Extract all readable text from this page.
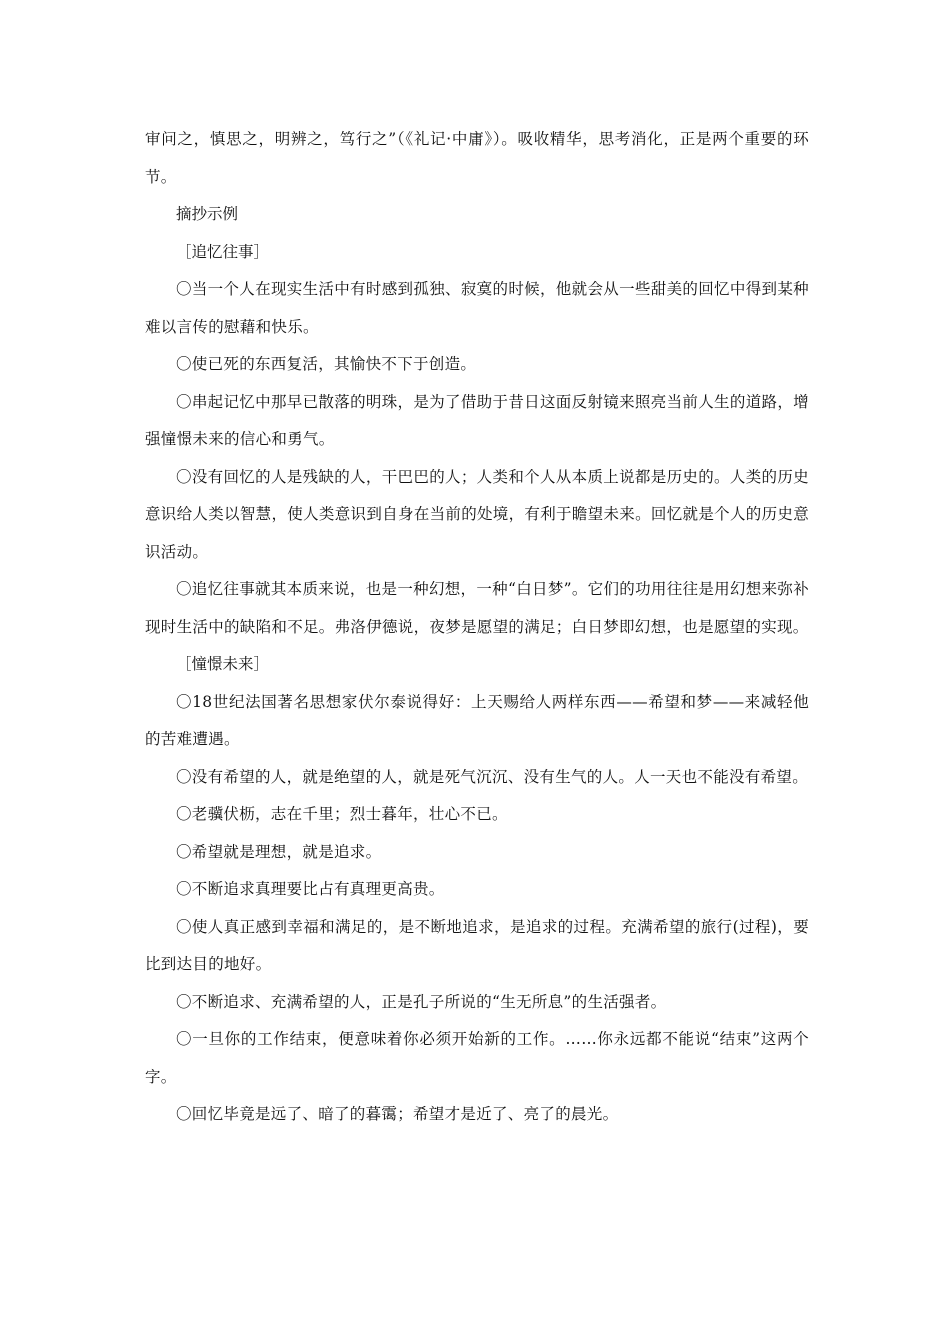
审问之，慎思之，明辨之，笃行之”（《礼记·中庸》）。吸收精华，思考消化，正是两个重要的环节。

摘抄示例

［追忆往事］

〇当一个人在现实生活中有时感到孤独、寂寞的时候，他就会从一些甜美的回忆中得到某种难以言传的慰藉和快乐。

〇使已死的东西复活，其愉快不下于创造。

〇串起记忆中那早已散落的明珠，是为了借助于昔日这面反射镜来照亮当前人生的道路，增强憧憬未来的信心和勇气。

〇没有回忆的人是残缺的人，干巴巴的人；人类和个人从本质上说都是历史的。人类的历史意识给人类以智慧，使人类意识到自身在当前的处境，有利于瞻望未来。回忆就是个人的历史意识活动。

〇追忆往事就其本质来说，也是一种幻想，一种“白日梦”。它们的功用往往是用幻想来弥补现时生活中的缺陷和不足。弗洛伊德说，夜梦是愿望的满足；白日梦即幻想，也是愿望的实现。

［憧憬未来］

〇18世纪法国著名思想家伏尔泰说得好：上天赐给人两样东西——希望和梦——来减轻他的苦难遭遇。

〇没有希望的人，就是绝望的人，就是死气沉沉、没有生气的人。人一天也不能没有希望。

〇老骥伏枥，志在千里；烈士暮年，壮心不已。

〇希望就是理想，就是追求。

〇不断追求真理要比占有真理更高贵。

〇使人真正感到幸福和满足的，是不断地追求，是追求的过程。充满希望的旅行(过程)，要比到达目的地好。

〇不断追求、充满希望的人，正是孔子所说的“生无所息”的生活强者。

〇一旦你的工作结束，便意味着你必须开始新的工作。……你永远都不能说“结束”这两个字。

〇回忆毕竟是远了、暗了的暮霭；希望才是近了、亮了的晨光。
